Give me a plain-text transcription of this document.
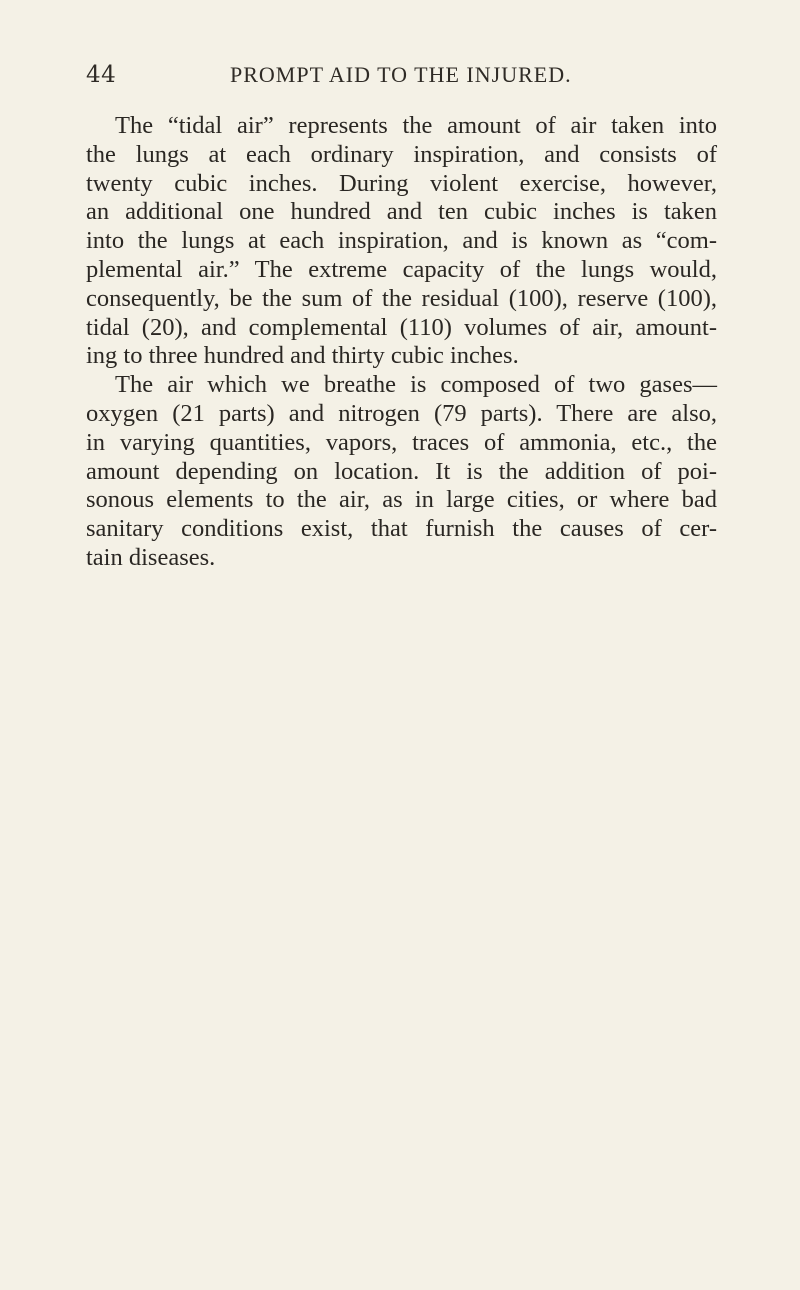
44	PROMPT AID TO THE INJURED.
The “tidal air” represents the amount of air taken into
the lungs at each ordinary inspiration, and consists of
twenty cubic inches. During violent exercise, however,
an additional one hundred and ten cubic inches is taken
into the lungs at each inspiration, and is known as “com-
plemental air.” The extreme capacity of the lungs would,
consequently, be the sum of the residual (100), reserve (100),
tidal (20), and complemental (110) volumes of air, amount-
ing to three hundred and thirty cubic inches.
The air which we breathe is composed of two gases—
oxygen (21 parts) and nitrogen (79 parts). There are also,
in varying quantities, vapors, traces of ammonia, etc., the
amount depending on location. It is the addition of poi-
sonous elements to the air, as in large cities, or where bad
sanitary conditions exist, that furnish the causes of cer-
tain diseases.
